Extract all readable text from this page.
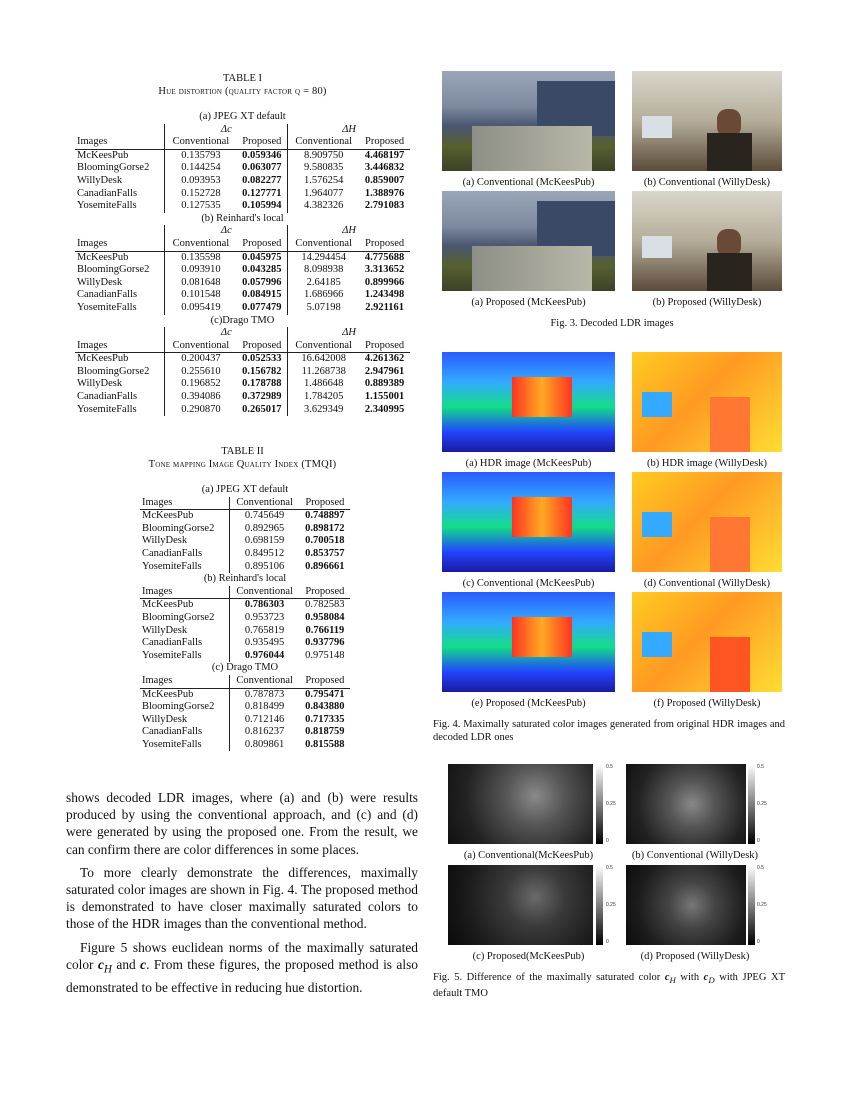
TABLE I
Hue distortion (quality factor q = 80)
(a) JPEG XT default				
	Δc		ΔH	
Images	Conventional	Proposed	Conventional	Proposed
McKeesPub	0.135793	0.059346	8.909750	4.468197
BloomingGorse2	0.144254	0.063077	9.580835	3.446832
WillyDesk	0.093953	0.082277	1.576254	0.859007
CanadianFalls	0.152728	0.127771	1.964077	1.388976
YosemiteFalls	0.127535	0.105994	4.382326	2.791083
(b) Reinhard's local				
	Δc		ΔH	
Images	Conventional	Proposed	Conventional	Proposed
McKeesPub	0.135598	0.045975	14.294454	4.775688
BloomingGorse2	0.093910	0.043285	8.098938	3.313652
WillyDesk	0.081648	0.057996	2.64185	0.899966
CanadianFalls	0.101548	0.084915	1.686966	1.243498
YosemiteFalls	0.095419	0.077479	5.07198	2.921161
(c)Drago TMO				
	Δc		ΔH	
Images	Conventional	Proposed	Conventional	Proposed
McKeesPub	0.200437	0.052533	16.642008	4.261362
BloomingGorse2	0.255610	0.156782	11.268738	2.947961
WillyDesk	0.196852	0.178788	1.486648	0.889389
CanadianFalls	0.394086	0.372989	1.784205	1.155001
YosemiteFalls	0.290870	0.265017	3.629349	2.340995
TABLE II
Tone mapping Image Quality Index (TMQI)
(a) JPEG XT default		
Images	Conventional	Proposed
McKeesPub	0.745649	0.748897
BloomingGorse2	0.892965	0.898172
WillyDesk	0.698159	0.700518
CanadianFalls	0.849512	0.853757
YosemiteFalls	0.895106	0.896661
(b) Reinhard's local		
Images	Conventional	Proposed
McKeesPub	0.786303	0.782583
BloomingGorse2	0.953723	0.958084
WillyDesk	0.765819	0.766119
CanadianFalls	0.935495	0.937796
YosemiteFalls	0.976044	0.975148
(c) Drago TMO		
Images	Conventional	Proposed
McKeesPub	0.787873	0.795471
BloomingGorse2	0.818499	0.843880
WillyDesk	0.712146	0.717335
CanadianFalls	0.816237	0.818759
YosemiteFalls	0.809861	0.815588
(a) Conventional (McKeesPub)	(b) Conventional (WillyDesk)
(a) Proposed (McKeesPub)	(b) Proposed (WillyDesk)
Fig. 3. Decoded LDR images
(a) HDR image (McKeesPub)	(b) HDR image (WillyDesk)
(c) Conventional (McKeesPub)	(d) Conventional (WillyDesk)
(e) Proposed (McKeesPub)	(f) Proposed (WillyDesk)
Fig. 4. Maximally saturated color images generated from original HDR images and decoded LDR ones
0.5
0.25
0
0.5
0.25
0
(a) Conventional(McKeesPub)	(b) Conventional (WillyDesk)
0.5
0.25
0
0.5
0.25
0
(c) Proposed(McKeesPub)	(d) Proposed (WillyDesk)
Fig. 5. Difference of the maximally saturated color $c_H$ with $c_D$ with JPEG XT default TMO

shows decoded LDR images, where (a) and (b) were results produced by using the conventional approach, and (c) and (d) were generated by using the proposed one. From the result, we can confirm there are color differences in some places.

To more clearly demonstrate the differences, maximally saturated color images are shown in Fig. 4. The proposed method is demonstrated to have closer maximally saturated colors to those of the HDR images than the conventional method.

Figure 5 shows euclidean norms of the maximally saturated color $c_H$ and c. From these figures, the proposed method is also demonstrated to be effective in reducing hue distortion.
